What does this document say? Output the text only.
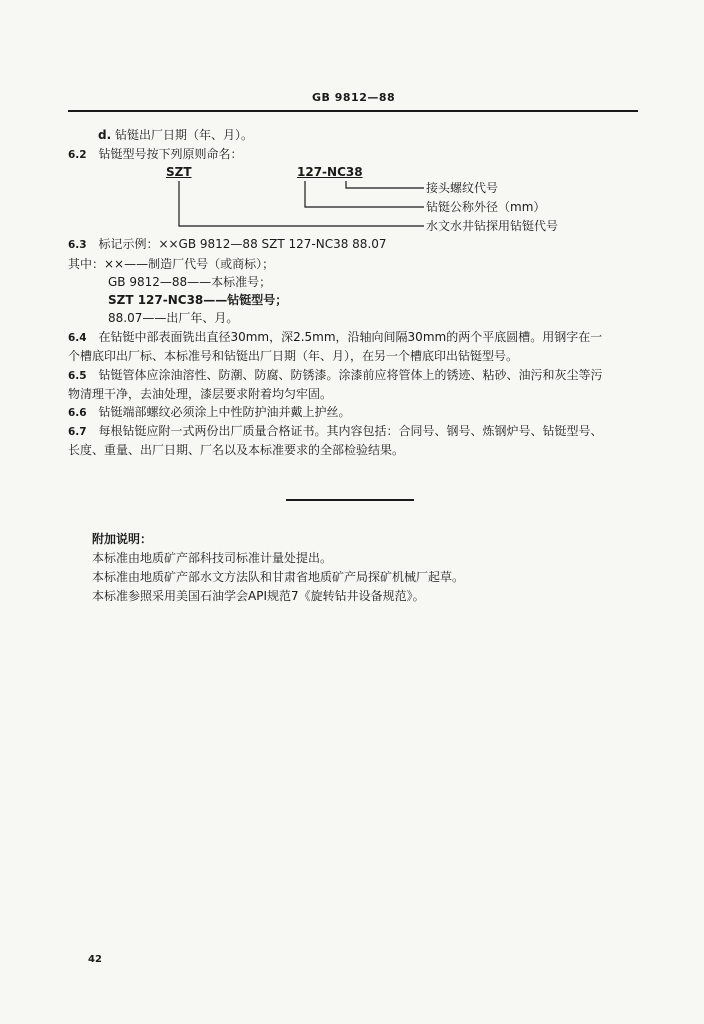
GB 9812—88
d. 钻铤出厂日期（年、月）。
6.2 钻铤型号按下列原则命名：
SZT	127-NC38
接头螺纹代号
钻铤公称外径（mm）
水文水井钻探用钻铤代号
6.3 标记示例：××GB 9812—88 SZT 127-NC38 88.07
其中：××——制造厂代号（或商标）；
GB 9812—88——本标准号；
SZT 127-NC38——钻铤型号；
88.07——出厂年、月。
6.4 在钻铤中部表面铣出直径30mm，深2.5mm，沿轴向间隔30mm的两个平底圆槽。用钢字在一
个槽底印出厂标、本标准号和钻铤出厂日期（年、月），在另一个槽底印出钻铤型号。
6.5 钻铤管体应涂油溶性、防潮、防腐、防锈漆。涂漆前应将管体上的锈迹、粘砂、油污和灰尘等污
物清理干净，去油处理，漆层要求附着均匀牢固。
6.6 钻铤端部螺纹必须涂上中性防护油并戴上护丝。
6.7 每根钻铤应附一式两份出厂质量合格证书。其内容包括：合同号、钢号、炼钢炉号、钻铤型号、
长度、重量、出厂日期、厂名以及本标准要求的全部检验结果。
附加说明：
本标准由地质矿产部科技司标准计量处提出。
本标准由地质矿产部水文方法队和甘肃省地质矿产局探矿机械厂起草。
本标准参照采用美国石油学会API规范7《旋转钻井设备规范》。
42
